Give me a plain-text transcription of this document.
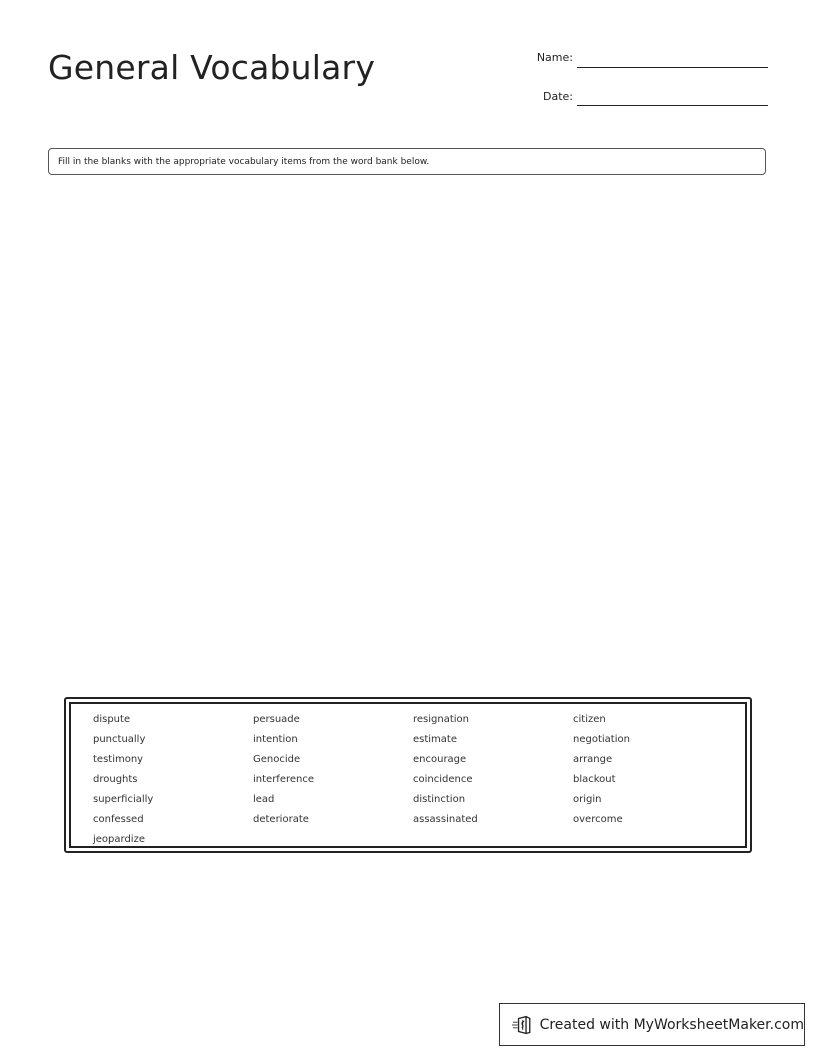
General Vocabulary	Name:
Date:
Fill in the blanks with the appropriate vocabulary items from the word bank below.
dispute	persuade	resignation	citizen
punctually	intention	estimate	negotiation
testimony	Genocide	encourage	arrange
droughts	interference	coincidence	blackout
superficially	lead	distinction	origin
confessed	deteriorate	assassinated	overcome
jeopardize
Created with MyWorksheetMaker.com
